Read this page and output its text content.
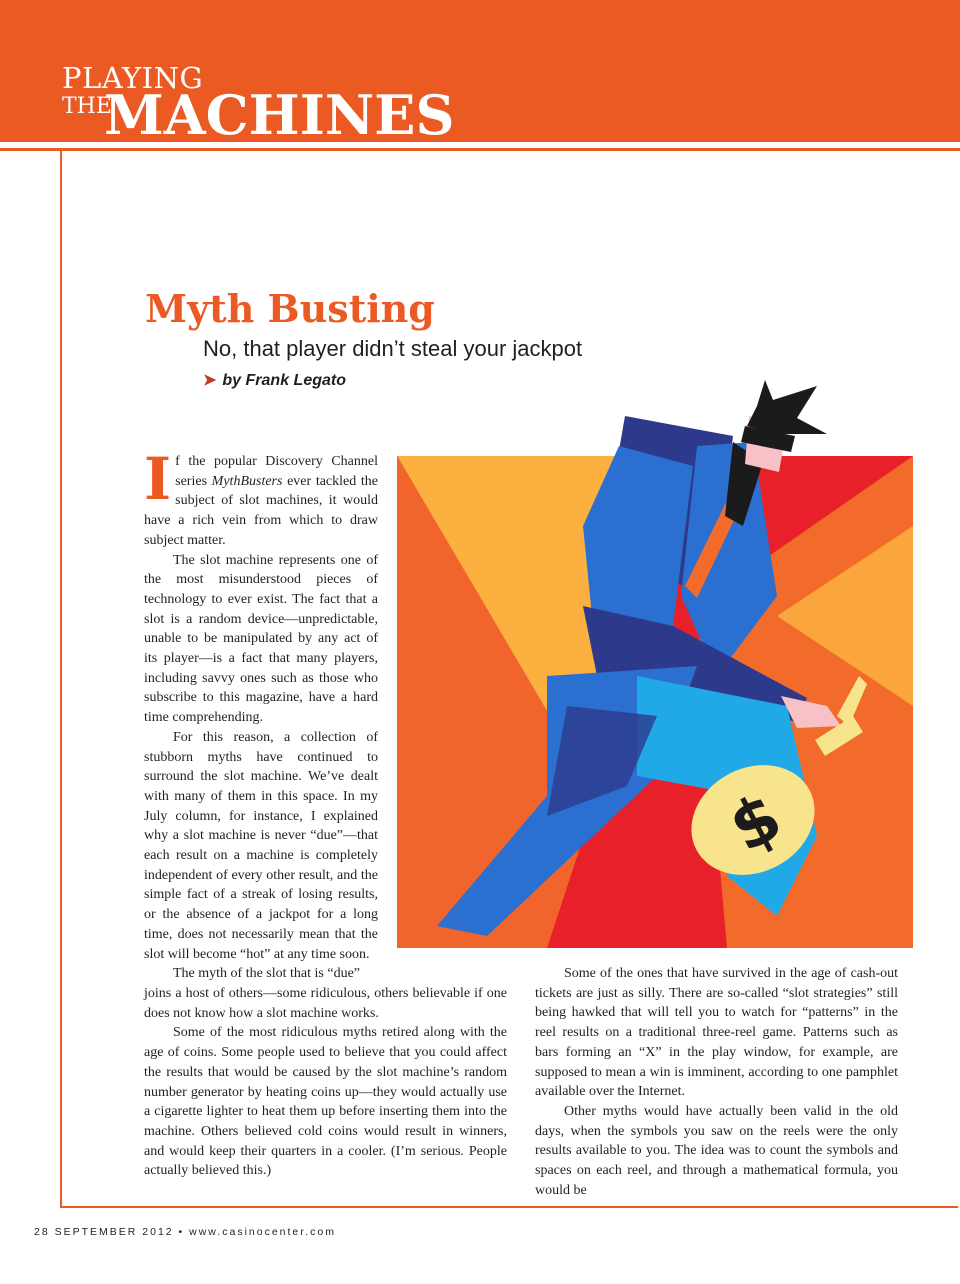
PLAYING
THE
MACHINES
Myth Busting
No, that player didn’t steal your jackpot
➤ by Frank Legato

If the popular Discovery Channel series MythBusters ever tackled the subject of slot machines, it would have a rich vein from which to draw subject matter.

The slot machine represents one of the most misunderstood pieces of technology to ever exist. The fact that a slot is a random device—unpredictable, unable to be manipulated by any act of its player—is a fact that many players, including savvy ones such as those who subscribe to this magazine, have a hard time comprehending.

For this reason, a collection of stubborn myths have continued to surround the slot machine. We’ve dealt with many of them in this space. In my July column, for instance, I explained why a slot machine is never “due”—that each result on a machine is completely independent of every other result, and the simple fact of a streak of losing results, or the absence of a jackpot for a long time, does not necessarily mean that the slot will become “hot” at any time soon.

The myth of the slot that is “due”

joins a host of others—some ridiculous, others believable if one does not know how a slot machine works.

Some of the most ridiculous myths retired along with the age of coins. Some people used to believe that you could affect the results that would be caused by the slot machine’s random number generator by heating coins up—they would actually use a cigarette lighter to heat them up before inserting them into the machine. Others believed cold coins would result in winners, and would keep their quarters in a cooler. (I’m serious. People actually believed this.)

Some of the ones that have survived in the age of cash-out tickets are just as silly. There are so-called “slot strategies” still being hawked that will tell you to watch for “patterns” in the reel results on a traditional three-reel game. Patterns such as bars forming an “X” in the play window, for example, are supposed to mean a win is imminent, according to one pamphlet available over the Internet.

Other myths would have actually been valid in the old days, when the symbols you saw on the reels were the only results available to you. The idea was to count the symbols and spaces on each reel, and through a mathematical formula, you would be

$
28 SEPTEMBER 2012 • www.casinocenter.com
